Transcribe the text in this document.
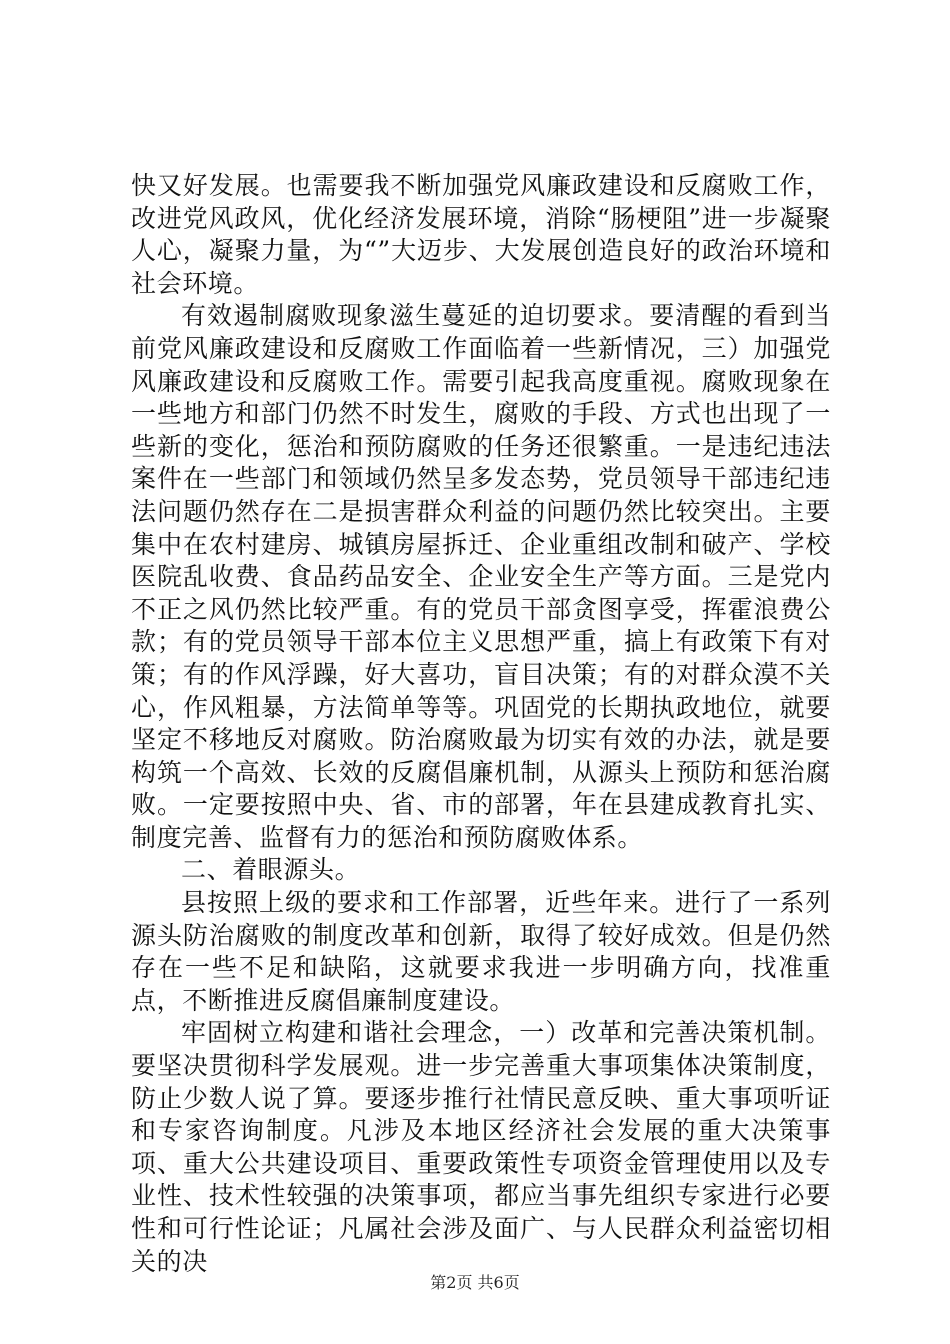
快又好发展。也需要我不断加强党风廉政建设和反腐败工作，改进党风政风，优化经济发展环境，消除“肠梗阻”进一步凝聚人心，凝聚力量，为“”大迈步、大发展创造良好的政治环境和社会环境。

有效遏制腐败现象滋生蔓延的迫切要求。要清醒的看到当前党风廉政建设和反腐败工作面临着一些新情况，三）加强党风廉政建设和反腐败工作。需要引起我高度重视。腐败现象在一些地方和部门仍然不时发生，腐败的手段、方式也出现了一些新的变化，惩治和预防腐败的任务还很繁重。一是违纪违法案件在一些部门和领域仍然呈多发态势，党员领导干部违纪违法问题仍然存在二是损害群众利益的问题仍然比较突出。主要集中在农村建房、城镇房屋拆迁、企业重组改制和破产、学校医院乱收费、食品药品安全、企业安全生产等方面。三是党内不正之风仍然比较严重。有的党员干部贪图享受，挥霍浪费公款；有的党员领导干部本位主义思想严重，搞上有政策下有对策；有的作风浮躁，好大喜功，盲目决策；有的对群众漠不关心，作风粗暴，方法简单等等。巩固党的长期执政地位，就要坚定不移地反对腐败。防治腐败最为切实有效的办法，就是要构筑一个高效、长效的反腐倡廉机制，从源头上预防和惩治腐败。一定要按照中央、省、市的部署，年在县建成教育扎实、制度完善、监督有力的惩治和预防腐败体系。

二、着眼源头。

县按照上级的要求和工作部署，近些年来。进行了一系列源头防治腐败的制度改革和创新，取得了较好成效。但是仍然存在一些不足和缺陷，这就要求我进一步明确方向，找准重点，不断推进反腐倡廉制度建设。

牢固树立构建和谐社会理念，一）改革和完善决策机制。要坚决贯彻科学发展观。进一步完善重大事项集体决策制度，防止少数人说了算。要逐步推行社情民意反映、重大事项听证和专家咨询制度。凡涉及本地区经济社会发展的重大决策事项、重大公共建设项目、重要政策性专项资金管理使用以及专业性、技术性较强的决策事项，都应当事先组织专家进行必要性和可行性论证；凡属社会涉及面广、与人民群众利益密切相关的决

第2页 共6页
